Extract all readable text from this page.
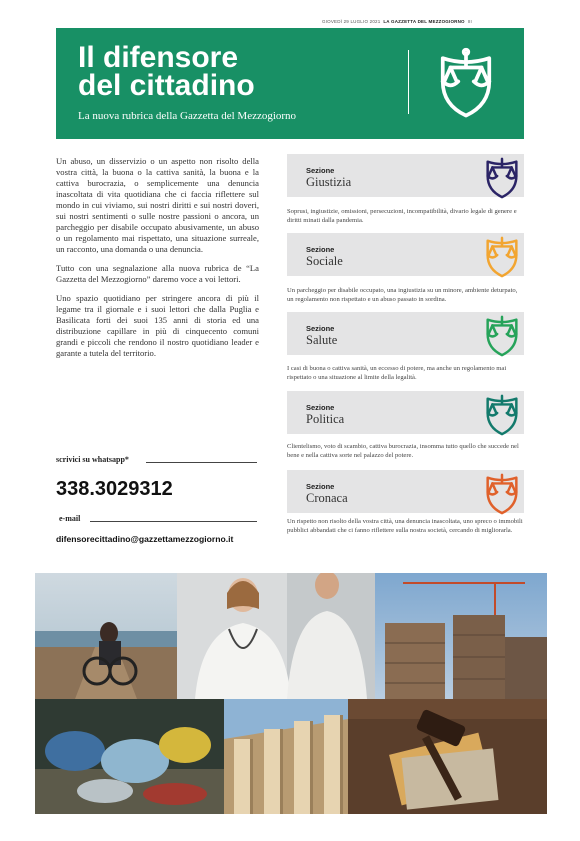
GIOVEDÌ 29 LUGLIO 2021 LA GAZZETTA DEL MEZZOGIORNO III
Il difensore
del cittadino
La nuova rubrica della Gazzetta del Mezzogiorno

Un abuso, un disservizio o un aspetto non risolto della vostra città, la buona o la cattiva sanità, la buona e la cattiva burocrazia, o semplicemente una denuncia inascoltata di vita quotidiana che ci faccia riflettere sul mondo in cui viviamo, sui nostri diritti e sui nostri doveri, sui nostri sentimenti o sulle nostre passioni o ancora, un parcheggio per disabile occupato abusivamente, un abuso o un regolamento mai rispettato, una situazione surreale, un racconto, una domanda o una denuncia.

Tutto con una segnalazione alla nuova rubrica de “La Gazzetta del Mezzogiorno” daremo voce a voi lettori.

Uno spazio quotidiano per stringere ancora di più il legame tra il giornale e i suoi lettori che dalla Puglia e Basilicata forti dei suoi 135 anni di storia ed una distribuzione capillare in più di cinquecento comuni grandi e piccoli che rendono il nostro quotidiano leader e garante a tutela del territorio.

scrivici su whatsapp*
338.3029312
e-mail
difensorecittadino@gazzettamezzogiorno.it
Sezione
Giustizia
Soprusi, ingiustizie, omissioni, persecuzioni, incompatibilità, divario legale di genere e diritti minati dalla pandemia.
Sezione
Sociale
Un parcheggio per disabile occupato, una ingiustizia su un minore, ambiente deturpato, un regolamento non rispettato e un abuso passato in sordina.
Sezione
Salute
I casi di buona o cattiva sanità, un eccesso di potere, ma anche un regolamento mai rispettato o una situazione al limite della legalità.
Sezione
Politica
Clientelismo, voto di scambio, cattiva burocrazia, insomma tutto quello che succede nel bene e nella cattiva sorte nel palazzo del potere.
Sezione
Cronaca
Un rispetto non risolto della vostra città, una denuncia inascoltata, uno spreco o immobili pubblici abbandati che ci fanno riflettere sulla nostra società, cercando di migliorarla.
